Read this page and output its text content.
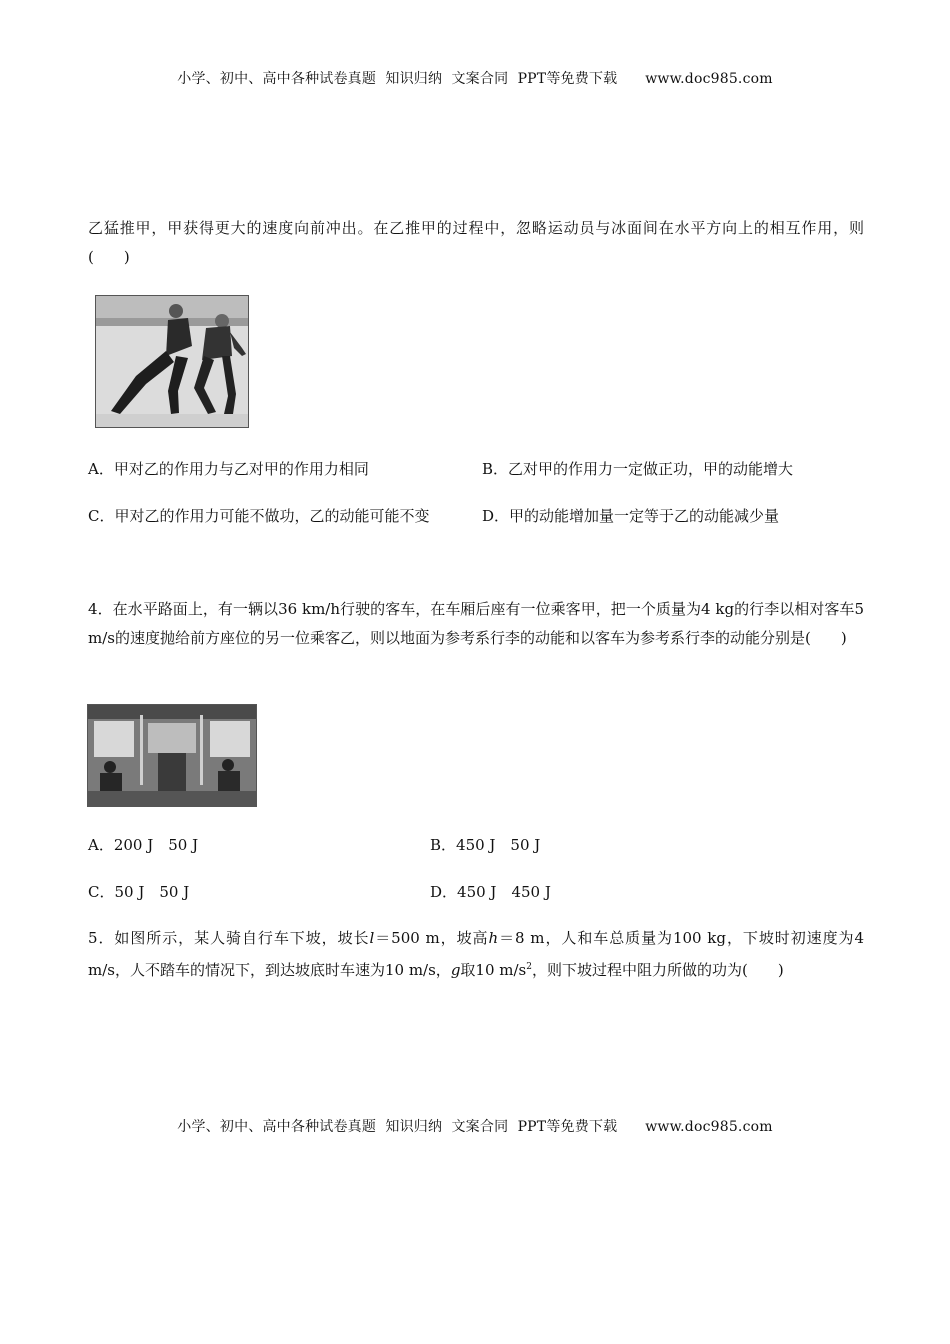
小学、初中、高中各种试卷真题  知识归纳  文案合同  PPT等免费下载      www.doc985.com
乙猛推甲，甲获得更大的速度向前冲出。在乙推甲的过程中，忽略运动员与冰面间在水平方向上的相互作用，则(　　)
A．甲对乙的作用力与乙对甲的作用力相同	B．乙对甲的作用力一定做正功，甲的动能增大
C．甲对乙的作用力可能不做功，乙的动能可能不变	D．甲的动能增加量一定等于乙的动能减少量
4．在水平路面上，有一辆以36 km/h行驶的客车，在车厢后座有一位乘客甲，把一个质量为4 kg的行李以相对客车5 m/s的速度抛给前方座位的另一位乘客乙，则以地面为参考系行李的动能和以客车为参考系行李的动能分别是(　　)
A．200 J　50 J	B．450 J　50 J
C．50 J　50 J	D．450 J　450 J
5．如图所示，某人骑自行车下坡，坡长l＝500 m，坡高h＝8 m，人和车总质量为100 kg，下坡时初速度为4 m/s，人不踏车的情况下，到达坡底时车速为10 m/s，g取10 $m/s^2$，则下坡过程中阻力所做的功为(　　)
小学、初中、高中各种试卷真题  知识归纳  文案合同  PPT等免费下载      www.doc985.com
